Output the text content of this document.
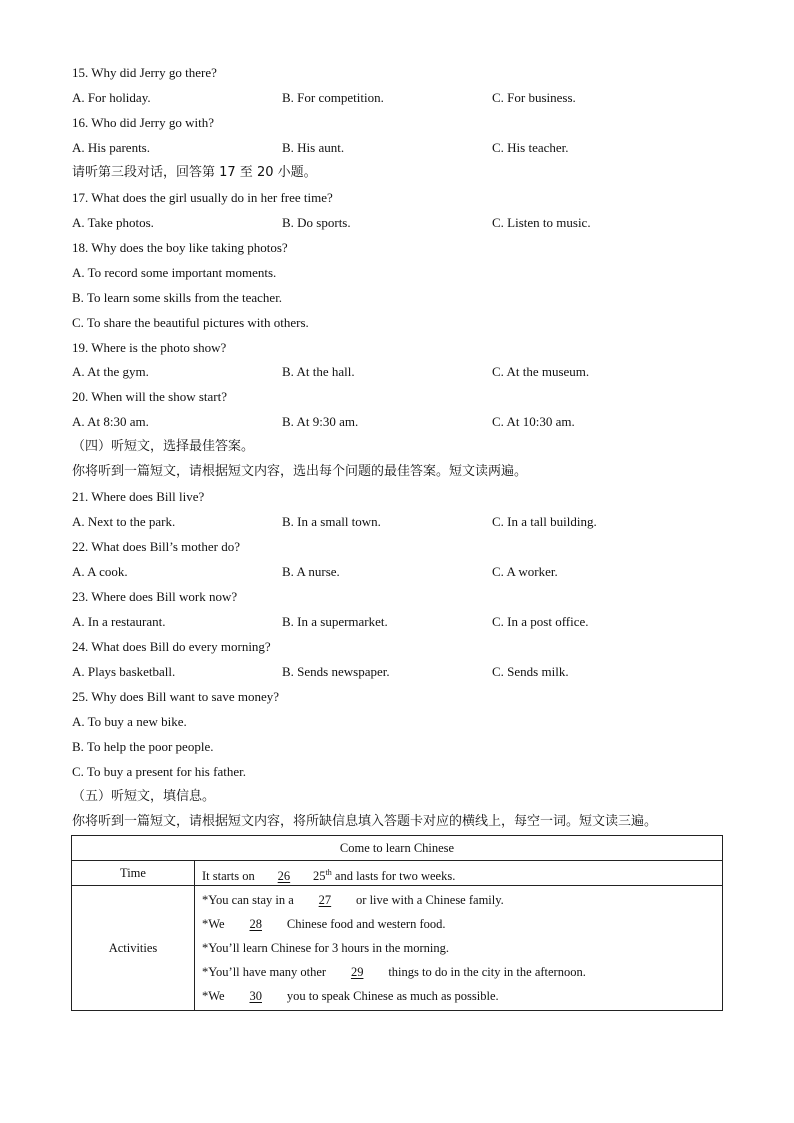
15. Why did Jerry go there?
A. For holiday.	B. For competition.	C. For business.
16. Who did Jerry go with?
A. His parents.	B. His aunt.	C. His teacher.
请听第三段对话，回答第 17 至 20 小题。
17. What does the girl usually do in her free time?
A. Take photos.	B. Do sports.	C. Listen to music.
18. Why does the boy like taking photos?
A. To record some important moments.
B. To learn some skills from the teacher.
C. To share the beautiful pictures with others.
19. Where is the photo show?
A. At the gym.	B. At the hall.	C. At the museum.
20. When will the show start?
A. At 8:30 am.	B. At 9:30 am.	C. At 10:30 am.
（四）听短文，选择最佳答案。
你将听到一篇短文，请根据短文内容，选出每个问题的最佳答案。短文读两遍。
21. Where does Bill live?
A. Next to the park.	B. In a small town.	C. In a tall building.
22. What does Bill’s mother do?
A. A cook.	B. A nurse.	C. A worker.
23. Where does Bill work now?
A. In a restaurant.	B. In a supermarket.	C. In a post office.
24. What does Bill do every morning?
A. Plays basketball.	B. Sends newspaper.	C. Sends milk.
25. Why does Bill want to save money?
A. To buy a new bike.
B. To help the poor people.
C. To buy a present for his father.
（五）听短文，填信息。
你将听到一篇短文，请根据短文内容，将所缺信息填入答题卡对应的横线上，每空一词。短文读三遍。
Come to learn Chinese	
Time	It starts on 26 25th and lasts for two weeks.

Activities	*You can stay in a 27 or live with a Chinese family.
*We 28 Chinese food and western food.
*You’ll learn Chinese for 3 hours in the morning.
*You’ll have many other 29 things to do in the city in the afternoon.
*We 30 you to speak Chinese as much as possible.
